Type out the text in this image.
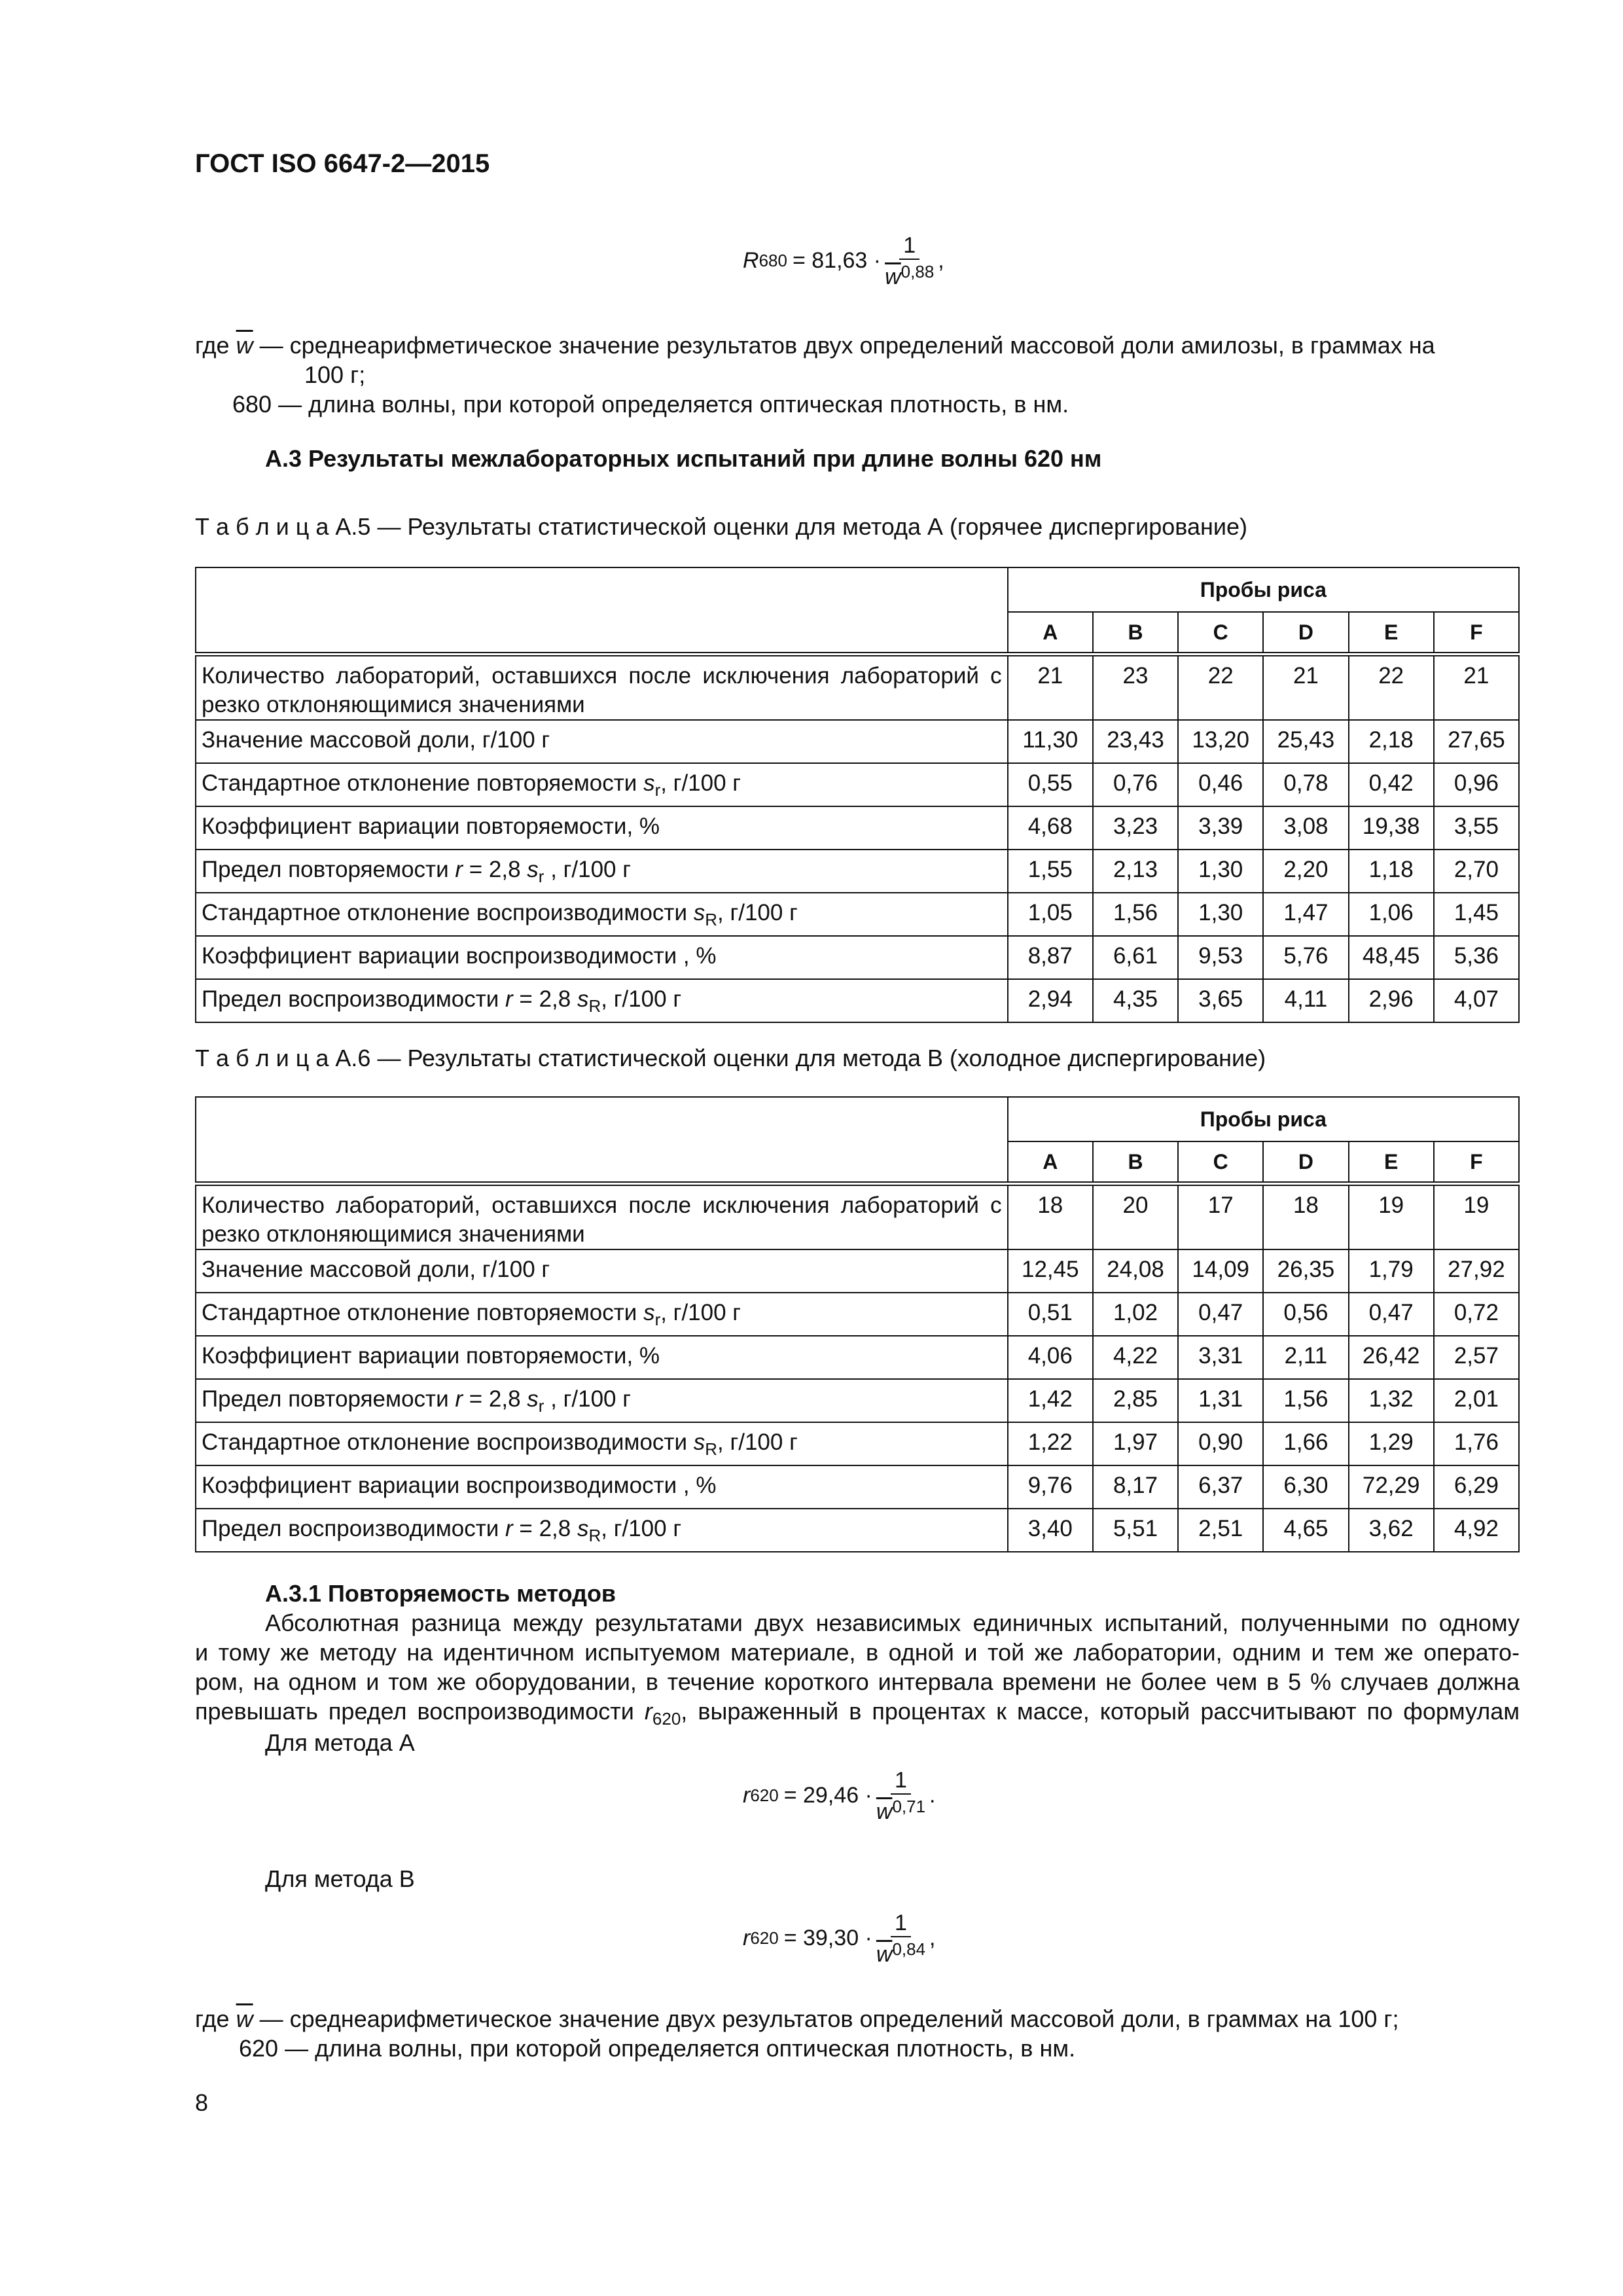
ГОСТ ISO 6647-2—2015
R $680 = 81,63 \cdot \frac{1}{\overline{w}^{0,88}}$ ,
где $\overline{w}$ — среднеарифметическое значение результатов двух определений массовой доли амилозы, в граммах на
100 г;
680 — длина волны, при которой определяется оптическая плотность, в нм.
А.3 Результаты межлабораторных испытаний при длине волны 620 нм
Т а б л и ц а А.5 — Результаты статистической оценки для метода А (горячее диспергирование)
	Пробы риса					
	A	B	C	D	E	F
Количество лабораторий, оставшихся после исключения лабораторий с резко отклоняющимися значениями	21	23	22	21	22	21
Значение массовой доли, г/100 г	11,30	23,43	13,20	25,43	2,18	27,65
Стандартное отклонение повторяемости $s_r$, г/100 г	0,55	0,76	0,46	0,78	0,42	0,96
Коэффициент вариации повторяемости, %	4,68	3,23	3,39	3,08	19,38	3,55
Предел повторяемости r = 2,8 $s_r$ , г/100 г	1,55	2,13	1,30	2,20	1,18	2,70
Стандартное отклонение воспроизводимости $s_R$, г/100 г	1,05	1,56	1,30	1,47	1,06	1,45
Коэффициент вариации воспроизводимости , %	8,87	6,61	9,53	5,76	48,45	5,36
Предел воспроизводимости r = 2,8 $s_R$, г/100 г	2,94	4,35	3,65	4,11	2,96	4,07
Т а б л и ц а А.6 — Результаты статистической оценки для метода В (холодное диспергирование)
	Пробы риса					
	A	B	C	D	E	F
Количество лабораторий, оставшихся после исключения лабораторий с резко отклоняющимися значениями	18	20	17	18	19	19
Значение массовой доли, г/100 г	12,45	24,08	14,09	26,35	1,79	27,92
Стандартное отклонение повторяемости $s_r$, г/100 г	0,51	1,02	0,47	0,56	0,47	0,72
Коэффициент вариации повторяемости, %	4,06	4,22	3,31	2,11	26,42	2,57
Предел повторяемости r = 2,8 $s_r$ , г/100 г	1,42	2,85	1,31	1,56	1,32	2,01
Стандартное отклонение воспроизводимости $s_R$, г/100 г	1,22	1,97	0,90	1,66	1,29	1,76
Коэффициент вариации воспроизводимости , %	9,76	8,17	6,37	6,30	72,29	6,29
Предел воспроизводимости r = 2,8 $s_R$, г/100 г	3,40	5,51	2,51	4,65	3,62	4,92
А.3.1 Повторяемость методов
Абсолютная разница между результатами двух независимых единичных испытаний, полученными по одному
и тому же методу на идентичном испытуемом материале, в одной и той же лаборатории, одним и тем же операто-
ром, на одном и том же оборудовании, в течение короткого интервала времени не более чем в 5 % случаев должна
превышать предел воспроизводимости $r_{620}$, выраженный в процентах к массе, который рассчитывают по формулам
Для метода А
r $620 = 29,46 \cdot \frac{1}{\overline{w}^{0,71}}$ .
Для метода В
r $620 = 39,30 \cdot \frac{1}{\overline{w}^{0,84}}$ ,
где $\overline{w}$ — среднеарифметическое значение двух результатов определений массовой доли, в граммах на 100 г;
620 — длина волны, при которой определяется оптическая плотность, в нм.
8
